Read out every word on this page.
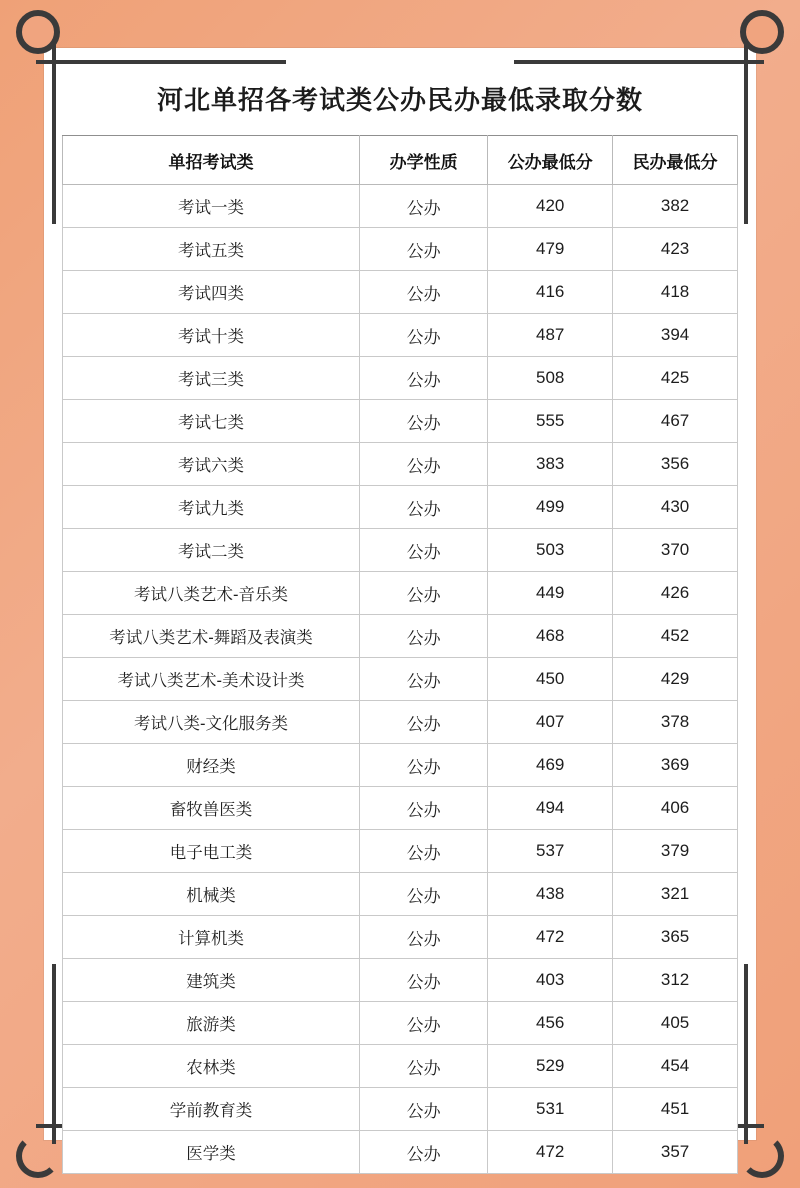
河北单招各考试类公办民办最低录取分数
单招考试类	办学性质	公办最低分	民办最低分
考试一类	公办	420	382
考试五类	公办	479	423
考试四类	公办	416	418
考试十类	公办	487	394
考试三类	公办	508	425
考试七类	公办	555	467
考试六类	公办	383	356
考试九类	公办	499	430
考试二类	公办	503	370
考试八类艺术-音乐类	公办	449	426
考试八类艺术-舞蹈及表演类	公办	468	452
考试八类艺术-美术设计类	公办	450	429
考试八类-文化服务类	公办	407	378
财经类	公办	469	369
畜牧兽医类	公办	494	406
电子电工类	公办	537	379
机械类	公办	438	321
计算机类	公办	472	365
建筑类	公办	403	312
旅游类	公办	456	405
农林类	公办	529	454
学前教育类	公办	531	451
医学类	公办	472	357
